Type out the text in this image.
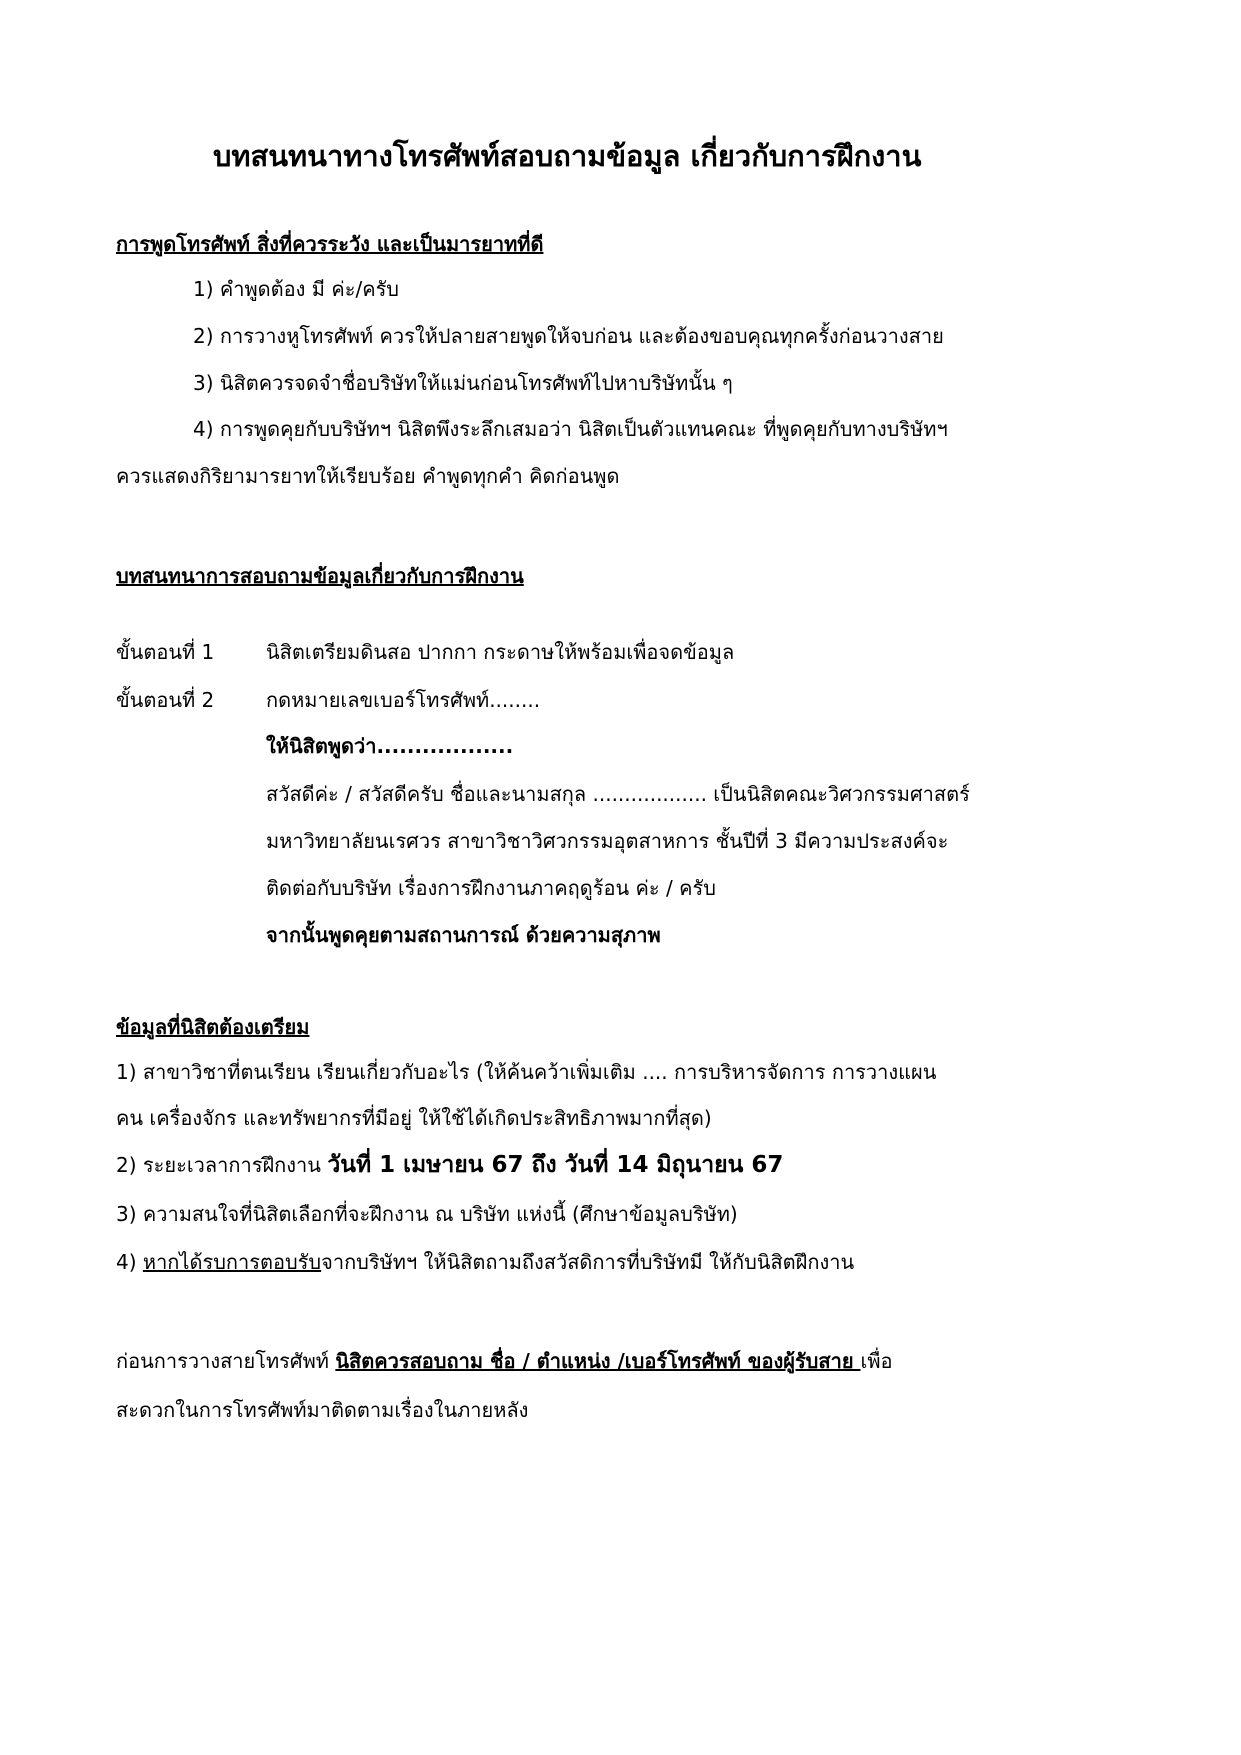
บทสนทนาทางโทรศัพท์สอบถามข้อมูล เกี่ยวกับการฝึกงาน
การพูดโทรศัพท์ สิ่งที่ควรระวัง และเป็นมารยาทที่ดี
1) คำพูดต้อง มี ค่ะ/ครับ
2) การวางหูโทรศัพท์ ควรให้ปลายสายพูดให้จบก่อน และต้องขอบคุณทุกครั้งก่อนวางสาย
3) นิสิตควรจดจำชื่อบริษัทให้แม่นก่อนโทรศัพท์ไปหาบริษัทนั้น ๆ
4) การพูดคุยกับบริษัทฯ นิสิตพึงระลึกเสมอว่า นิสิตเป็นตัวแทนคณะ ที่พูดคุยกับทางบริษัทฯ
ควรแสดงกิริยามารยาทให้เรียบร้อย คำพูดทุกคำ คิดก่อนพูด
บทสนทนาการสอบถามข้อมูลเกี่ยวกับการฝึกงาน
ขั้นตอนที่ 1	นิสิตเตรียมดินสอ ปากกา กระดาษให้พร้อมเพื่อจดข้อมูล
ขั้นตอนที่ 2	กดหมายเลขเบอร์โทรศัพท์........
ให้นิสิตพูดว่า..................
สวัสดีค่ะ / สวัสดีครับ ชื่อและนามสกุล .................. เป็นนิสิตคณะวิศวกรรมศาสตร์
มหาวิทยาลัยนเรศวร สาขาวิชาวิศวกรรมอุตสาหการ ชั้นปีที่ 3 มีความประสงค์จะ
ติดต่อกับบริษัท เรื่องการฝึกงานภาคฤดูร้อน ค่ะ / ครับ
จากนั้นพูดคุยตามสถานการณ์ ด้วยความสุภาพ
ข้อมูลที่นิสิตต้องเตรียม
1) สาขาวิชาที่ตนเรียน เรียนเกี่ยวกับอะไร (ให้ค้นคว้าเพิ่มเติม .... การบริหารจัดการ การวางแผน
คน เครื่องจักร และทรัพยากรที่มีอยู่ ให้ใช้ได้เกิดประสิทธิภาพมากที่สุด)
2) ระยะเวลาการฝึกงาน วันที่ 1 เมษายน 67 ถึง วันที่ 14 มิถุนายน 67
3) ความสนใจที่นิสิตเลือกที่จะฝึกงาน ณ บริษัท แห่งนี้ (ศึกษาข้อมูลบริษัท)
4) หากได้รบการตอบรับจากบริษัทฯ ให้นิสิตถามถึงสวัสดิการที่บริษัทมี ให้กับนิสิตฝึกงาน
ก่อนการวางสายโทรศัพท์ นิสิตควรสอบถาม ชื่อ / ตำแหน่ง /เบอร์โทรศัพท์ ของผู้รับสาย เพื่อ
สะดวกในการโทรศัพท์มาติดตามเรื่องในภายหลัง
